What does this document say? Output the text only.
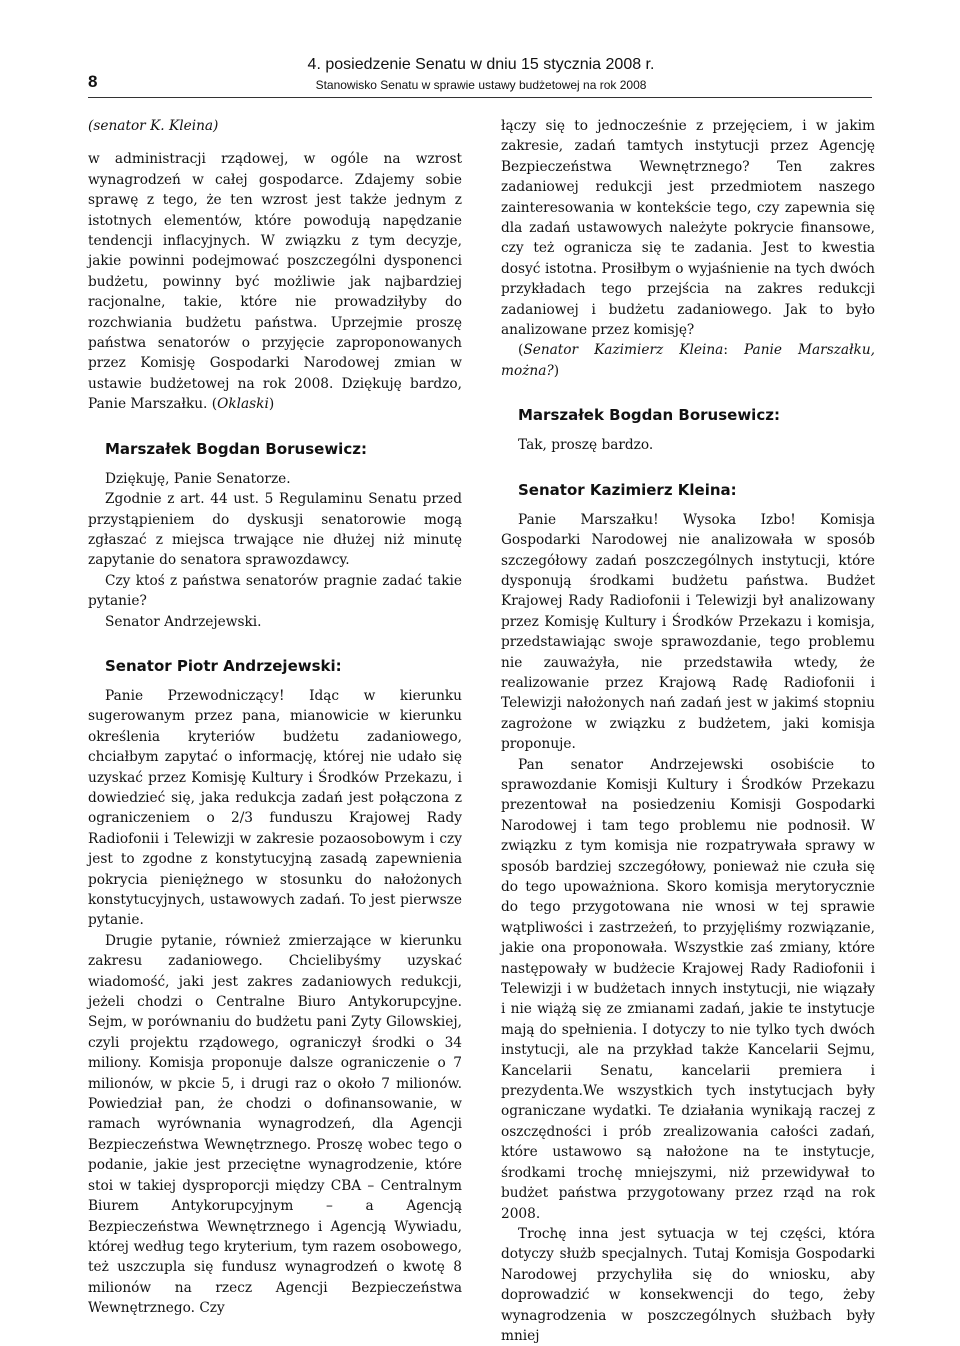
8
4. posiedzenie Senatu w dniu 15 stycznia 2008 r.
Stanowisko Senatu w sprawie ustawy budżetowej na rok 2008

(senator K. Kleina)

w administracji rządowej, w ogóle na wzrost wynagrodzeń w całej gospodarce. Zdajemy sobie sprawę z tego, że ten wzrost jest także jednym z istotnych elementów, które powodują napędzanie tendencji inflacyjnych. W związku z tym decyzje, jakie powinni podejmować poszczególni dysponenci budżetu, powinny być możliwie jak najbardziej racjonalne, takie, które nie prowadziłyby do rozchwiania budżetu państwa. Uprzejmie proszę państwa senatorów o przyjęcie zaproponowanych przez Komisję Gospodarki Narodowej zmian w ustawie budżetowej na rok 2008. Dziękuję bardzo, Panie Marszałku. (Oklaski)

Marszałek Bogdan Borusewicz:

Dziękuję, Panie Senatorze.

Zgodnie z art. 44 ust. 5 Regulaminu Senatu przed przystąpieniem do dyskusji senatorowie mogą zgłaszać z miejsca trwające nie dłużej niż minutę zapytanie do senatora sprawozdawcy.

Czy ktoś z państwa senatorów pragnie zadać takie pytanie?

Senator Andrzejewski.

Senator Piotr Andrzejewski:

Panie Przewodniczący! Idąc w kierunku sugerowanym przez pana, mianowicie w kierunku określenia kryteriów budżetu zadaniowego, chciałbym zapytać o informację, której nie udało się uzyskać przez Komisję Kultury i Środków Przekazu, i dowiedzieć się, jaka redukcja zadań jest połączona z ograniczeniem o 2/3 funduszu Krajowej Rady Radiofonii i Telewizji w zakresie pozaosobowym i czy jest to zgodne z konstytucyjną zasadą zapewnienia pokrycia pieniężnego w stosunku do nałożonych konstytucyjnych, ustawowych zadań. To jest pierwsze pytanie.

Drugie pytanie, również zmierzające w kierunku zakresu zadaniowego. Chcielibyśmy uzyskać wiadomość, jaki jest zakres zadaniowych redukcji, jeżeli chodzi o Centralne Biuro Antykorupcyjne. Sejm, w porównaniu do budżetu pani Zyty Gilowskiej, czyli projektu rządowego, ograniczył środki o 34 miliony. Komisja proponuje dalsze ograniczenie o 7 milionów, w pkcie 5, i drugi raz o około 7 milionów. Powiedział pan, że chodzi o dofinansowanie, w ramach wyrównania wynagrodzeń, dla Agencji Bezpieczeństwa Wewnętrznego. Proszę wobec tego o podanie, jakie jest przeciętne wynagrodzenie, które stoi w takiej dysproporcji między CBA – Centralnym Biurem Antykorupcyjnym – a Agencją Bezpieczeństwa Wewnętrznego i Agencją Wywiadu, której według tego kryterium, tym razem osobowego, też uszczupla się fundusz wynagrodzeń o kwotę 8 milionów na rzecz Agencji Bezpieczeństwa Wewnętrznego. Czy

łączy się to jednocześnie z przejęciem, i w jakim zakresie, zadań tamtych instytucji przez Agencję Bezpieczeństwa Wewnętrznego? Ten zakres zadaniowej redukcji jest przedmiotem naszego zainteresowania w kontekście tego, czy zapewnia się dla zadań ustawowych należyte pokrycie finansowe, czy też ogranicza się te zadania. Jest to kwestia dosyć istotna. Prosiłbym o wyjaśnienie na tych dwóch przykładach tego przejścia na zakres redukcji zadaniowej i budżetu zadaniowego. Jak to było analizowane przez komisję?

(Senator Kazimierz Kleina: Panie Marszałku, można?)

Marszałek Bogdan Borusewicz:

Tak, proszę bardzo.

Senator Kazimierz Kleina:

Panie Marszałku! Wysoka Izbo! Komisja Gospodarki Narodowej nie analizowała w sposób szczegółowy zadań poszczególnych instytucji, które dysponują środkami budżetu państwa. Budżet Krajowej Rady Radiofonii i Telewizji był analizowany przez Komisję Kultury i Środków Przekazu i komisja, przedstawiając swoje sprawozdanie, tego problemu nie zauważyła, nie przedstawiła wtedy, że realizowanie przez Krajową Radę Radiofonii i Telewizji nałożonych nań zadań jest w jakimś stopniu zagrożone w związku z budżetem, jaki komisja proponuje.

Pan senator Andrzejewski osobiście to sprawozdanie Komisji Kultury i Środków Przekazu prezentował na posiedzeniu Komisji Gospodarki Narodowej i tam tego problemu nie podnosił. W związku z tym komisja nie rozpatrywała sprawy w sposób bardziej szczegółowy, ponieważ nie czuła się do tego upoważniona. Skoro komisja merytorycznie do tego przygotowana nie wnosi w tej sprawie wątpliwości i zastrzeżeń, to przyjęliśmy rozwiązanie, jakie ona proponowała. Wszystkie zaś zmiany, które następowały w budżecie Krajowej Rady Radiofonii i Telewizji i w budżetach innych instytucji, nie wiązały i nie wiążą się ze zmianami zadań, jakie te instytucje mają do spełnienia. I dotyczy to nie tylko tych dwóch instytucji, ale na przykład także Kancelarii Sejmu, Kancelarii Senatu, kancelarii premiera i prezydenta.We wszystkich tych instytucjach były ograniczane wydatki. Te działania wynikają raczej z oszczędności i prób zrealizowania całości zadań, które ustawowo są nałożone na te instytucje, środkami trochę mniejszymi, niż przewidywał to budżet państwa przygotowany przez rząd na rok 2008.

Trochę inna jest sytuacja w tej części, która dotyczy służb specjalnych. Tutaj Komisja Gospodarki Narodowej przychyliła się do wniosku, aby doprowadzić w konsekwencji do tego, żeby wynagrodzenia w poszczególnych służbach były mniej
